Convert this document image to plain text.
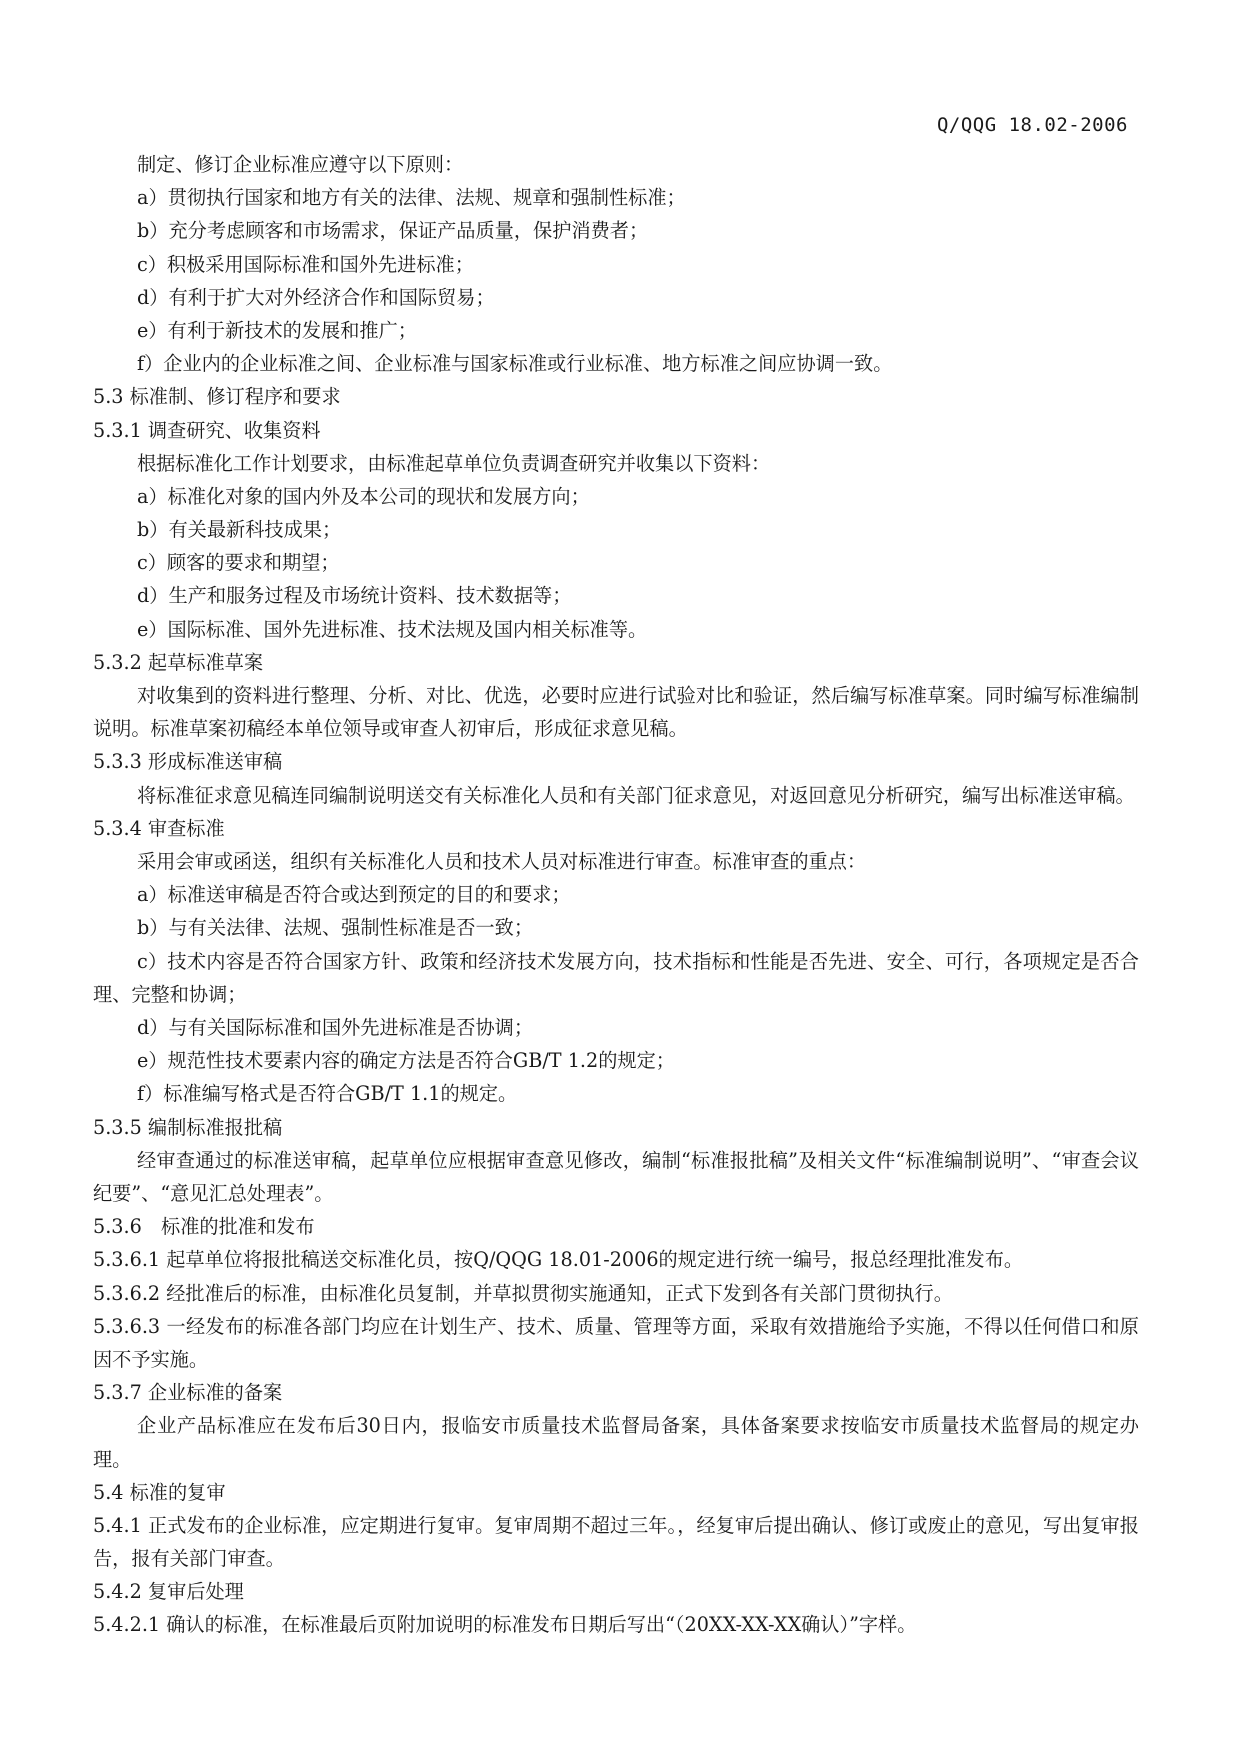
Q/QQG 18.02-2006
制定、修订企业标准应遵守以下原则：
a）贯彻执行国家和地方有关的法律、法规、规章和强制性标准；
b）充分考虑顾客和市场需求，保证产品质量，保护消费者；
c）积极采用国际标准和国外先进标准；
d）有利于扩大对外经济合作和国际贸易；
e）有利于新技术的发展和推广；
f）企业内的企业标准之间、企业标准与国家标准或行业标准、地方标准之间应协调一致。
5.3 标准制、修订程序和要求
5.3.1 调查研究、收集资料
根据标准化工作计划要求，由标准起草单位负责调查研究并收集以下资料：
a）标准化对象的国内外及本公司的现状和发展方向；
b）有关最新科技成果；
c）顾客的要求和期望；
d）生产和服务过程及市场统计资料、技术数据等；
e）国际标准、国外先进标准、技术法规及国内相关标准等。
5.3.2 起草标准草案
对收集到的资料进行整理、分析、对比、优选，必要时应进行试验对比和验证，然后编写标准草案。同时编写标准编制说明。标准草案初稿经本单位领导或审查人初审后，形成征求意见稿。
5.3.3 形成标准送审稿
将标准征求意见稿连同编制说明送交有关标准化人员和有关部门征求意见，对返回意见分析研究，编写出标准送审稿。
5.3.4 审查标准
采用会审或函送，组织有关标准化人员和技术人员对标准进行审查。标准审查的重点：
a）标准送审稿是否符合或达到预定的目的和要求；
b）与有关法律、法规、强制性标准是否一致；
c）技术内容是否符合国家方针、政策和经济技术发展方向，技术指标和性能是否先进、安全、可行，各项规定是否合理、完整和协调；
d）与有关国际标准和国外先进标准是否协调；
e）规范性技术要素内容的确定方法是否符合GB/T 1.2的规定；
f）标准编写格式是否符合GB/T 1.1的规定。
5.3.5 编制标准报批稿
经审查通过的标准送审稿，起草单位应根据审查意见修改，编制“标准报批稿”及相关文件“标准编制说明”、“审查会议纪要”、“意见汇总处理表”。
5.3.6　标准的批准和发布
5.3.6.1 起草单位将报批稿送交标准化员，按Q/QQG 18.01-2006的规定进行统一编号，报总经理批准发布。
5.3.6.2 经批准后的标准，由标准化员复制，并草拟贯彻实施通知，正式下发到各有关部门贯彻执行。
5.3.6.3 一经发布的标准各部门均应在计划生产、技术、质量、管理等方面，采取有效措施给予实施，不得以任何借口和原因不予实施。
5.3.7 企业标准的备案
企业产品标准应在发布后30日内，报临安市质量技术监督局备案，具体备案要求按临安市质量技术监督局的规定办理。
5.4 标准的复审
5.4.1 正式发布的企业标准，应定期进行复审。复审周期不超过三年。，经复审后提出确认、修订或废止的意见，写出复审报告，报有关部门审查。
5.4.2 复审后处理
5.4.2.1 确认的标准，在标准最后页附加说明的标准发布日期后写出“（20XX-XX-XX确认）”字样。
